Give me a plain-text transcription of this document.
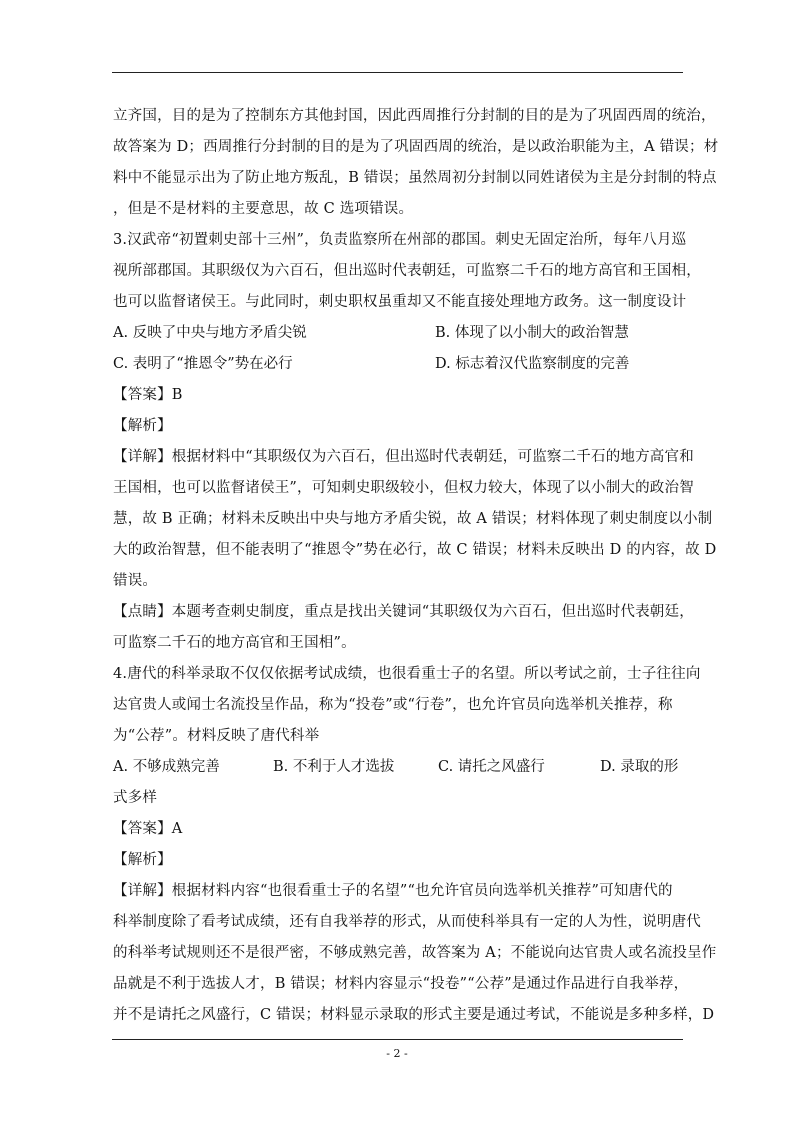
立齐国，目的是为了控制东方其他封国，因此西周推行分封制的目的是为了巩固西周的统治，
故答案为 D；西周推行分封制的目的是为了巩固西周的统治，是以政治职能为主，A 错误；材
料中不能显示出为了防止地方叛乱，B 错误；虽然周初分封制以同姓诸侯为主是分封制的特点
，但是不是材料的主要意思，故 C 选项错误。
3.汉武帝“初置刺史部十三州”，负责监察所在州部的郡国。刺史无固定治所，每年八月巡
视所部郡国。其职级仅为六百石，但出巡时代表朝廷，可监察二千石的地方高官和王国相，
也可以监督诸侯王。与此同时，刺史职权虽重却又不能直接处理地方政务。这一制度设计
A. 反映了中央与地方矛盾尖锐	B. 体现了以小制大的政治智慧
C. 表明了“推恩令”势在必行	D. 标志着汉代监察制度的完善
【答案】B
【解析】
【详解】根据材料中“其职级仅为六百石，但出巡时代表朝廷，可监察二千石的地方高官和
王国相，也可以监督诸侯王”，可知刺史职级较小，但权力较大，体现了以小制大的政治智
慧，故 B 正确；材料未反映出中央与地方矛盾尖锐，故 A 错误；材料体现了刺史制度以小制
大的政治智慧，但不能表明了“推恩令”势在必行，故 C 错误；材料未反映出 D 的内容，故 D
错误。
【点睛】本题考查刺史制度，重点是找出关键词“其职级仅为六百石，但出巡时代表朝廷，
可监察二千石的地方高官和王国相”。
4.唐代的科举录取不仅仅依据考试成绩，也很看重士子的名望。所以考试之前，士子往往向
达官贵人或闻士名流投呈作品，称为“投卷”或“行卷”，也允许官员向选举机关推荐，称
为“公荐”。材料反映了唐代科举
A. 不够成熟完善	B. 不利于人才选拔	C. 请托之风盛行	D. 录取的形
式多样
【答案】A
【解析】
【详解】根据材料内容“也很看重士子的名望”“也允许官员向选举机关推荐”可知唐代的
科举制度除了看考试成绩，还有自我举荐的形式，从而使科举具有一定的人为性，说明唐代
的科举考试规则还不是很严密，不够成熟完善，故答案为 A；不能说向达官贵人或名流投呈作
品就是不利于选拔人才，B 错误；材料内容显示“投卷”“公荐”是通过作品进行自我举荐，
并不是请托之风盛行，C 错误；材料显示录取的形式主要是通过考试，不能说是多种多样，D
- 2 -
